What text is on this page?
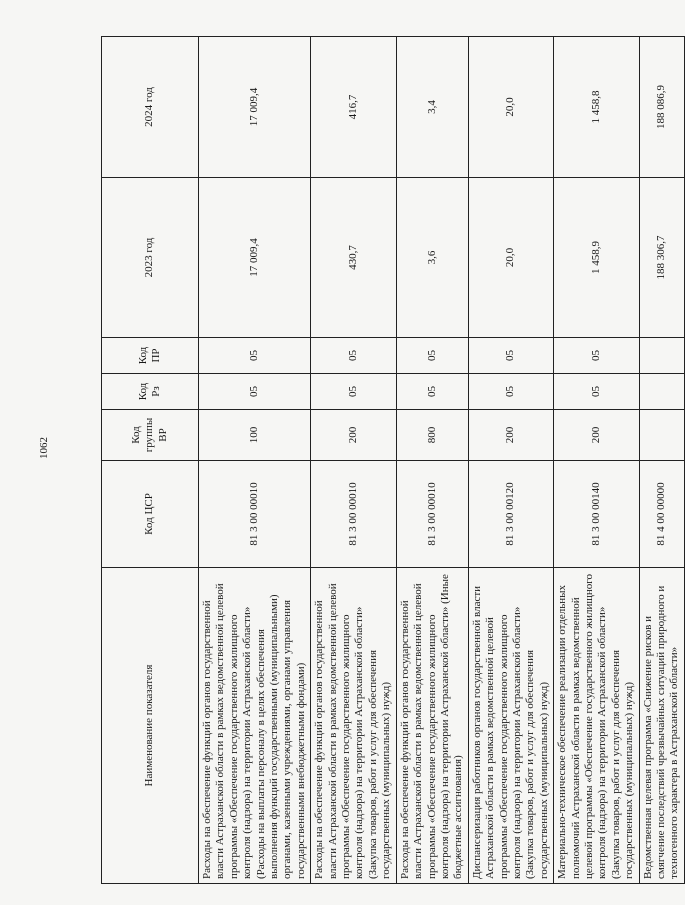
1062
Наименование показателя	Код ЦСР	Код группы ВР	Код Рз	Код ПР	2023 год	2024 год
Расходы на обеспечение функций органов государственной власти Астраханской области в рамках ведомственной целевой программы «Обеспечение государственного жилищного контроля (надзора) на территории Астраханской области» (Расходы на выплаты персоналу в целях обеспечения выполнения функций государственными (муниципальными) органами, казенными учреждениями, органами управления государственными внебюджетными фондами)	81 3 00 00010	100	05	05	17 009,4	17 009,4
Расходы на обеспечение функций органов государственной власти Астраханской области в рамках ведомственной целевой программы «Обеспечение государственного жилищного контроля (надзора) на территории Астраханской области» (Закупка товаров, работ и услуг для обеспечения государственных (муниципальных) нужд)	81 3 00 00010	200	05	05	430,7	416,7
Расходы на обеспечение функций органов государственной власти Астраханской области в рамках ведомственной целевой программы «Обеспечение государственного жилищного контроля (надзора) на территории Астраханской области» (Иные бюджетные ассигнования)	81 3 00 00010	800	05	05	3,6	3,4
Диспансеризация работников органов государственной власти Астраханской области в рамках ведомственной целевой программы «Обеспечение государственного жилищного контроля (надзора) на территории Астраханской области» (Закупка товаров, работ и услуг для обеспечения государственных (муниципальных) нужд)	81 3 00 00120	200	05	05	20,0	20,0
Материально-техническое обеспечение реализации отдельных полномочий Астраханской области в рамках ведомственной целевой программы «Обеспечение государственного жилищного контроля (надзора) на территории Астраханской области» (Закупка товаров, работ и услуг для обеспечения государственных (муниципальных) нужд)	81 3 00 00140	200	05	05	1 458,9	1 458,8
Ведомственная целевая программа «Снижение рисков и смягчение последствий чрезвычайных ситуаций природного и техногенного характера в Астраханской области»	81 4 00 00000				188 306,7	188 086,9
